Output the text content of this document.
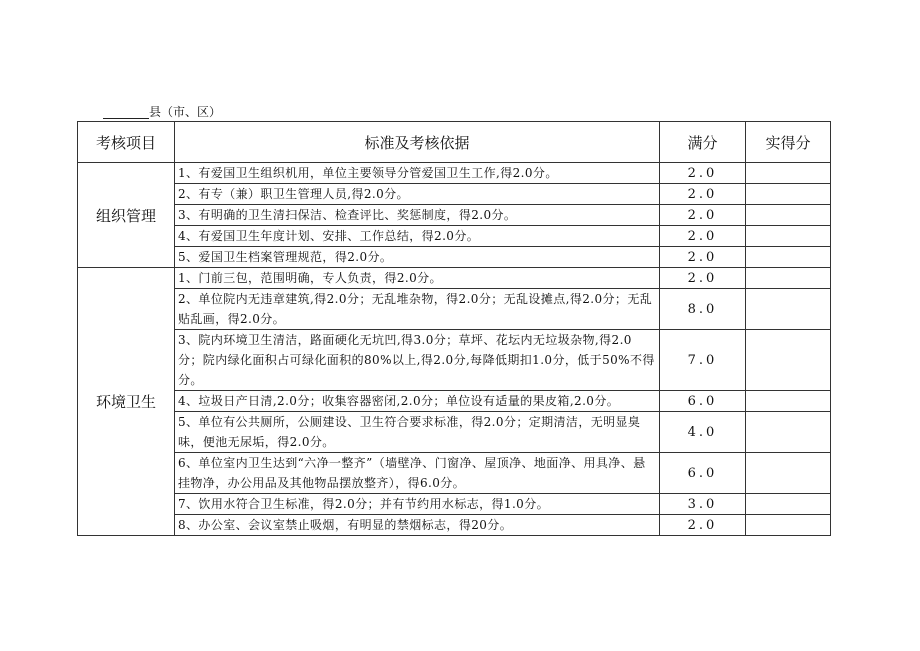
县（市、区）
考核项目	标准及考核依据	满分	实得分
组织管理	1、有爱国卫生组织机用，单位主要领导分管爱国卫生工作,得2.0分。	2.0	
	2、有专（兼）职卫生管理人员,得2.0分。	2.0	
	3、有明确的卫生清扫保洁、检查评比、奖惩制度，得2.0分。	2.0	
	4、有爱国卫生年度计划、安排、工作总结，得2.0分。	2.0	
	5、爱国卫生档案管理规范，得2.0分。	2.0	
环境卫生	1、门前三包，范围明确，专人负责，得2.0分。	2.0	
	2、单位院内无违章建筑,得2.0分；无乱堆杂物，得2.0分；无乱设摊点,得2.0分；无乱贴乱画，得2.0分。	8.0	
	3、院内环境卫生清洁，路面硬化无坑凹,得3.0分；草坪、花坛内无垃圾杂物,得2.0分；院内绿化面积占可绿化面积的80%以上,得2.0分,每降低期扣1.0分，低于50%不得分。	7.0	
	4、垃圾日产日清,2.0分；收集容器密闭,2.0分；单位设有适量的果皮箱,2.0分。	6.0	
	5、单位有公共厕所，公厕建设、卫生符合要求标准，得2.0分；定期清洁，无明显臭味，便池无尿垢，得2.0分。	4.0	
	6、单位室内卫生达到“六净一整齐”（墙壁净、门窗净、屋顶净、地面净、用具净、悬挂物净，办公用品及其他物品摆放整齐），得6.0分。	6.0	
	7、饮用水符合卫生标准，得2.0分；并有节约用水标志，得1.0分。	3.0	
	8、办公室、会议室禁止吸烟，有明显的禁烟标志，得20分。	2.0	
